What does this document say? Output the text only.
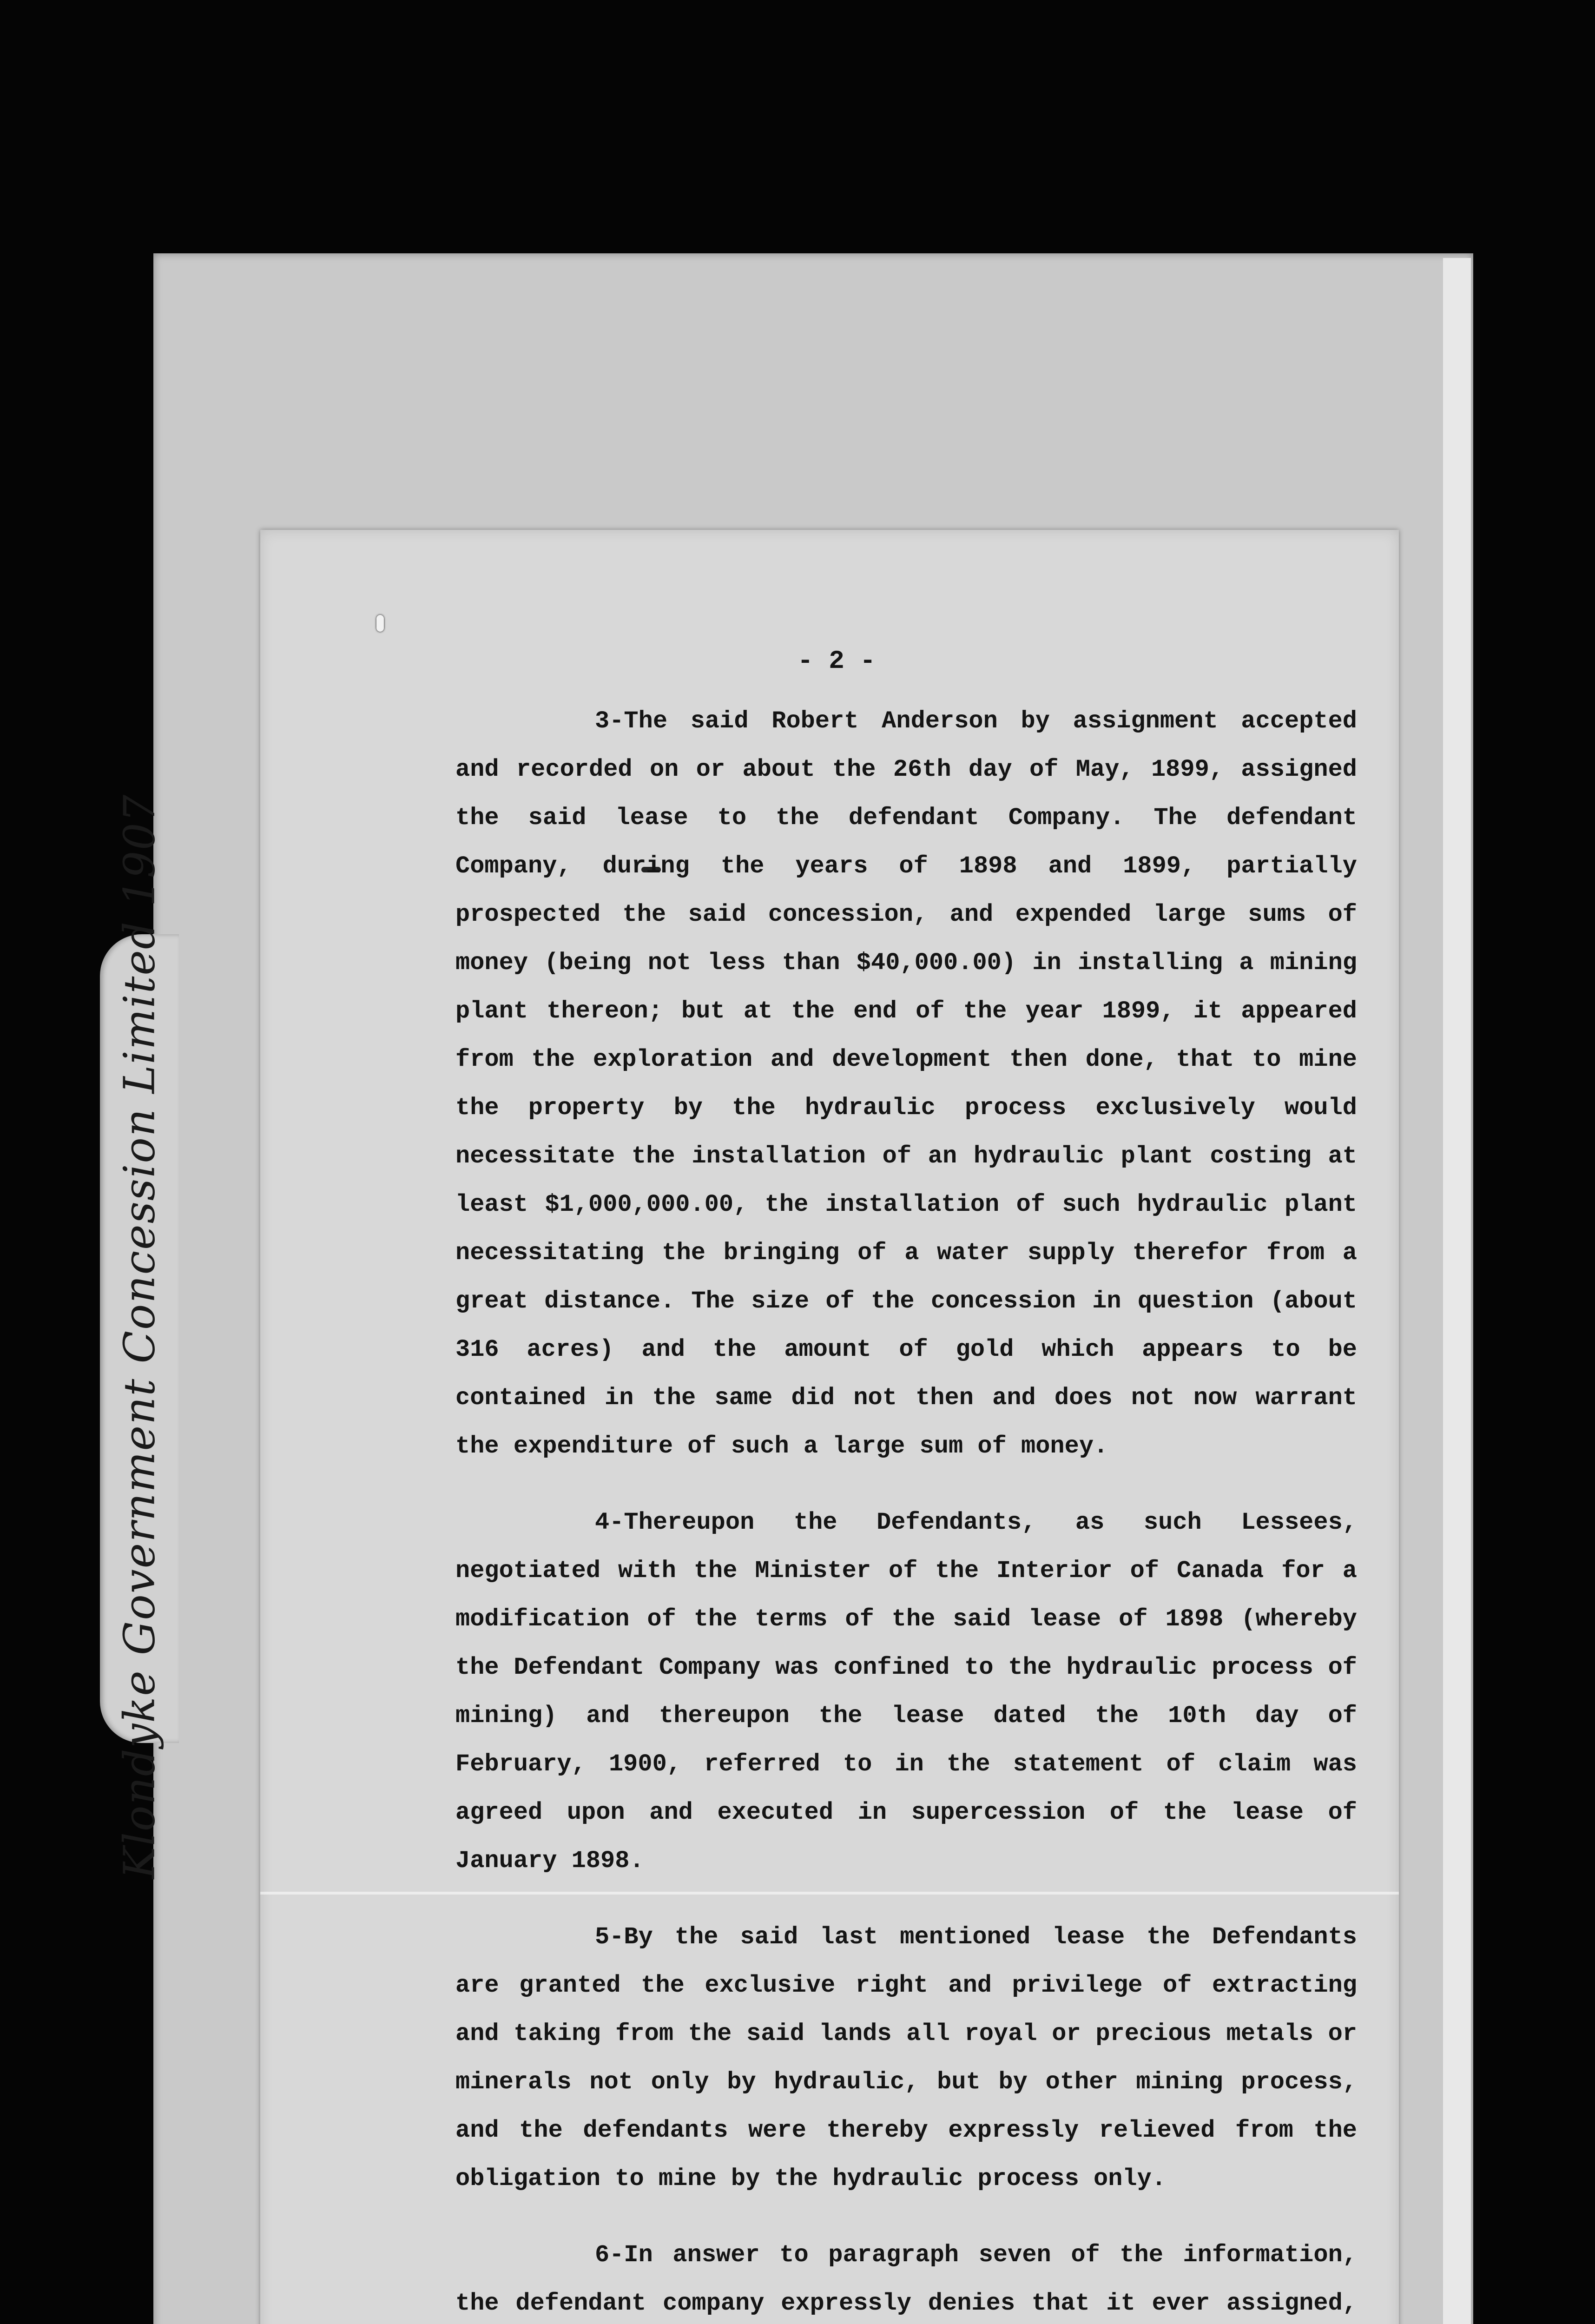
Klondyke Government Concession Limited 1907
- 2 -

3-The said Robert Anderson by assignment accepted and recorded on or about the 26th day of May, 1899, assigned the said lease to the defendant Company. The defendant Company, during the years of 1898 and 1899, partially prospected the said concession, and expended large sums of money (being not less than $40,000.00) in installing a mining plant thereon; but at the end of the year 1899, it appeared from the exploration and development then done, that to mine the property by the hydraulic process exclusively would necessitate the installation of an hydraulic plant costing at least $1,000,000.00, the installation of such hydraulic plant necessitating the bringing of a water supply therefor from a great distance. The size of the concession in question (about 316 acres) and the amount of gold which appears to be contained in the same did not then and does not now warrant the expenditure of such a large sum of money.

4-Thereupon the Defendants, as such Lessees, negotiated with the Minister of the Interior of Canada for a modification of the terms of the said lease of 1898 (whereby the Defendant Company was confined to the hydraulic process of mining) and thereupon the lease dated the 10th day of February, 1900, referred to in the statement of claim was agreed upon and executed in supercession of the lease of January 1898.

5-By the said last mentioned lease the Defendants are granted the exclusive right and privilege of extracting and taking from the said lands all royal or precious metals or minerals not only by hydraulic, but by other mining process, and the defendants were thereby expressly relieved from the obligation to mine by the hydraulic process only.

6-In answer to paragraph seven of the information, the defendant company expressly denies that it ever assigned,
